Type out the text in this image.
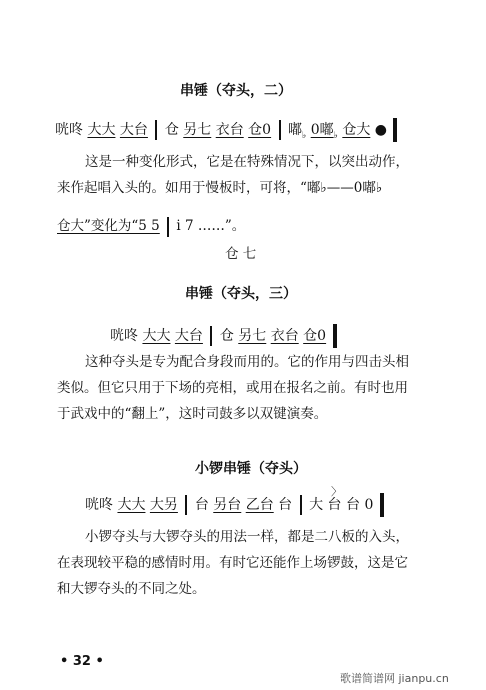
串锤（夺头，二）
咣咚 大大 大台 仓 另七 衣台 仓0 嘟$_♭$ 0嘟$_♭$ 仓大 ●
这是一种变化形式，它是在特殊情况下，以突出动作，
来作起唱入头的。如用于慢板时，可将，“嘟♭——0嘟♭
仓大”变化为“5 5 i 7 ……”。
仓 七
串锤（夺头，三）
咣咚 大大 大台 仓 另七 衣台 仓0
这种夺头是专为配合身段而用的。它的作用与四击头相
类似。但它只用于下场的亮相，或用在报名之前。有时也用
于武戏中的“翻上”，这时司鼓多以双键演奏。
小锣串锤（夺头）
咣咚 大大 大另 台 另台 乙台 台 大 台 台 0
〉
小锣夺头与大锣夺头的用法一样，都是二八板的入头，
在表现较平稳的感情时用。有时它还能作上场锣鼓，这是它
和大锣夺头的不同之处。
• 32 •
歌谱简谱网 jianpu.cn
